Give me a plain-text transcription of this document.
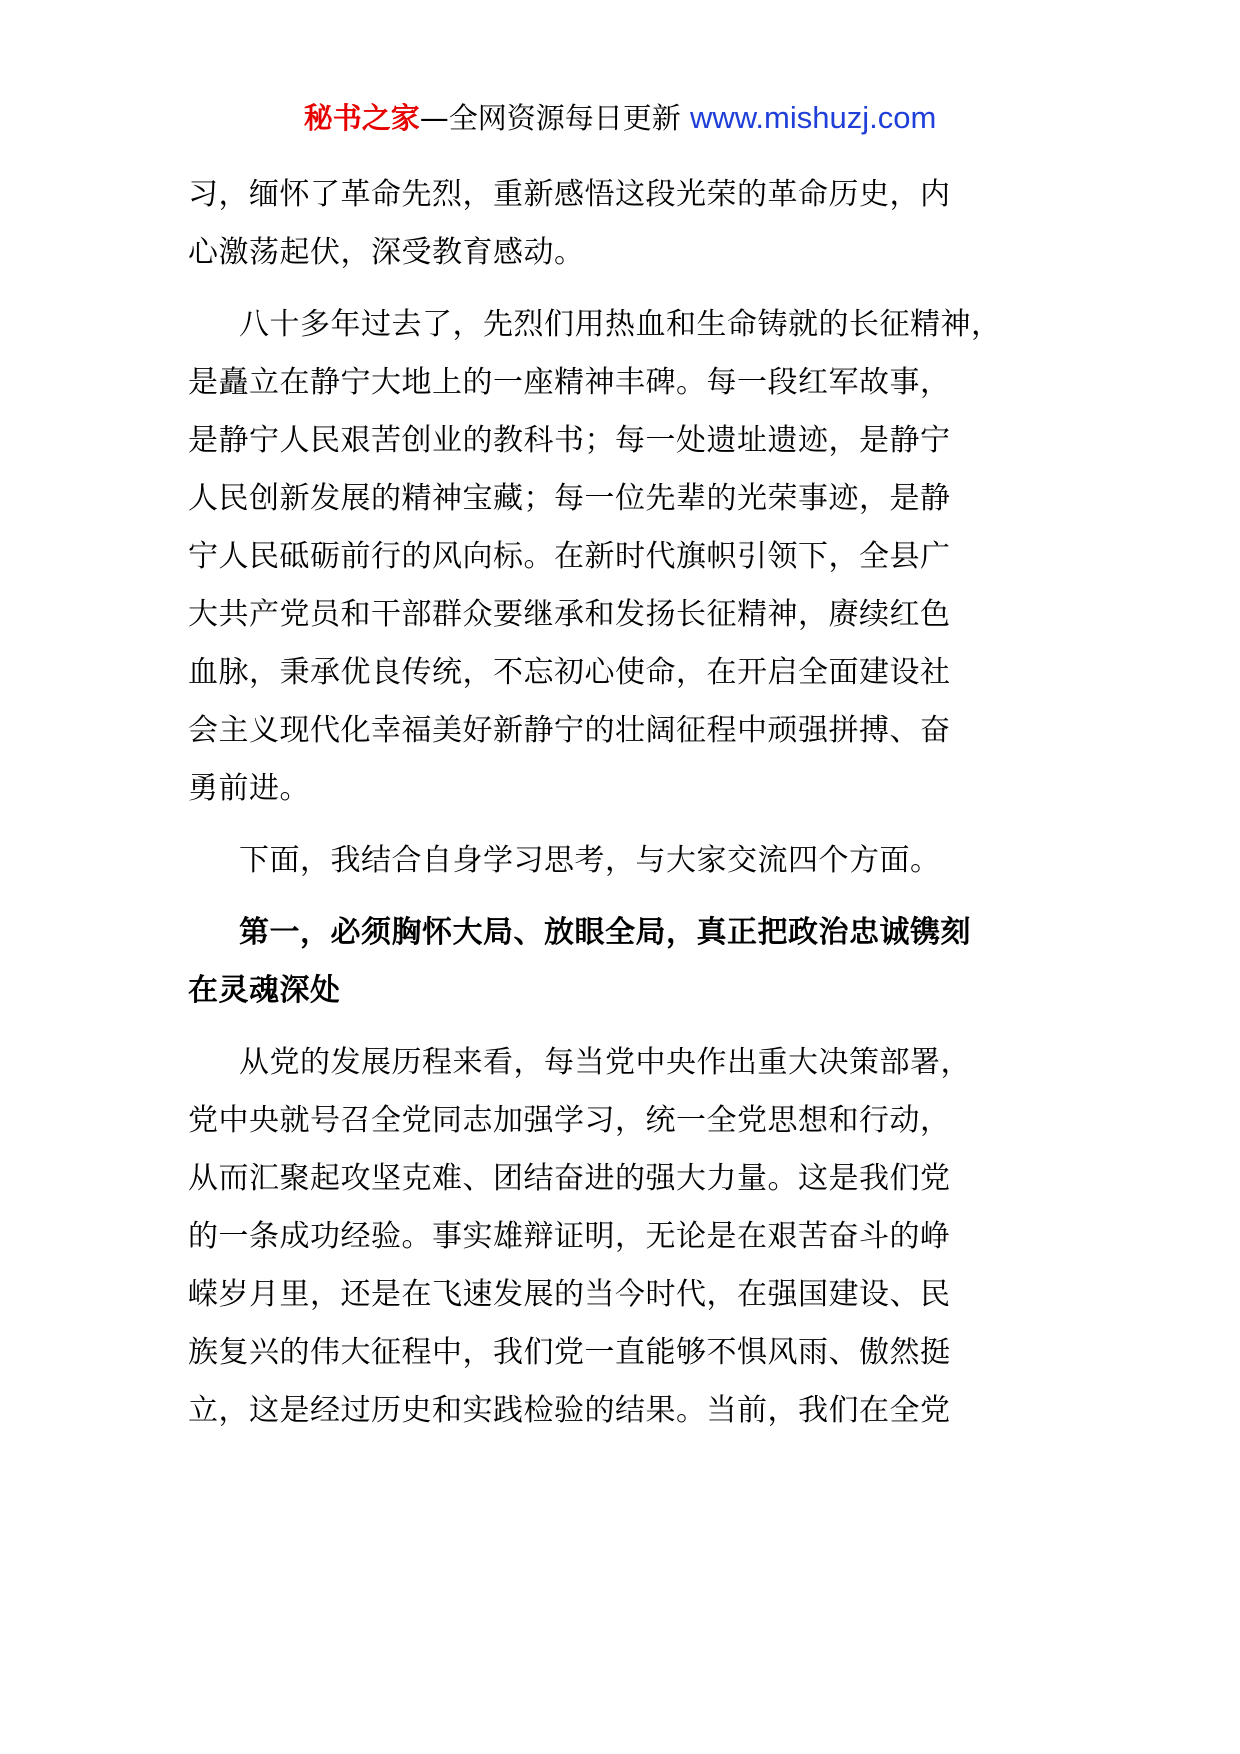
秘书之家—全网资源每日更新 www.mishuzj.com
习，缅怀了革命先烈，重新感悟这段光荣的革命历史，内
心激荡起伏，深受教育感动。
八十多年过去了，先烈们用热血和生命铸就的长征精神，
是矗立在静宁大地上的一座精神丰碑。每一段红军故事，
是静宁人民艰苦创业的教科书；每一处遗址遗迹，是静宁
人民创新发展的精神宝藏；每一位先辈的光荣事迹，是静
宁人民砥砺前行的风向标。在新时代旗帜引领下，全县广
大共产党员和干部群众要继承和发扬长征精神，赓续红色
血脉，秉承优良传统，不忘初心使命，在开启全面建设社
会主义现代化幸福美好新静宁的壮阔征程中顽强拼搏、奋
勇前进。
下面，我结合自身学习思考，与大家交流四个方面。
第一，必须胸怀大局、放眼全局，真正把政治忠诚镌刻
在灵魂深处
从党的发展历程来看，每当党中央作出重大决策部署，
党中央就号召全党同志加强学习，统一全党思想和行动，
从而汇聚起攻坚克难、团结奋进的强大力量。这是我们党
的一条成功经验。事实雄辩证明，无论是在艰苦奋斗的峥
嵘岁月里，还是在飞速发展的当今时代，在强国建设、民
族复兴的伟大征程中，我们党一直能够不惧风雨、傲然挺
立，这是经过历史和实践检验的结果。当前，我们在全党
